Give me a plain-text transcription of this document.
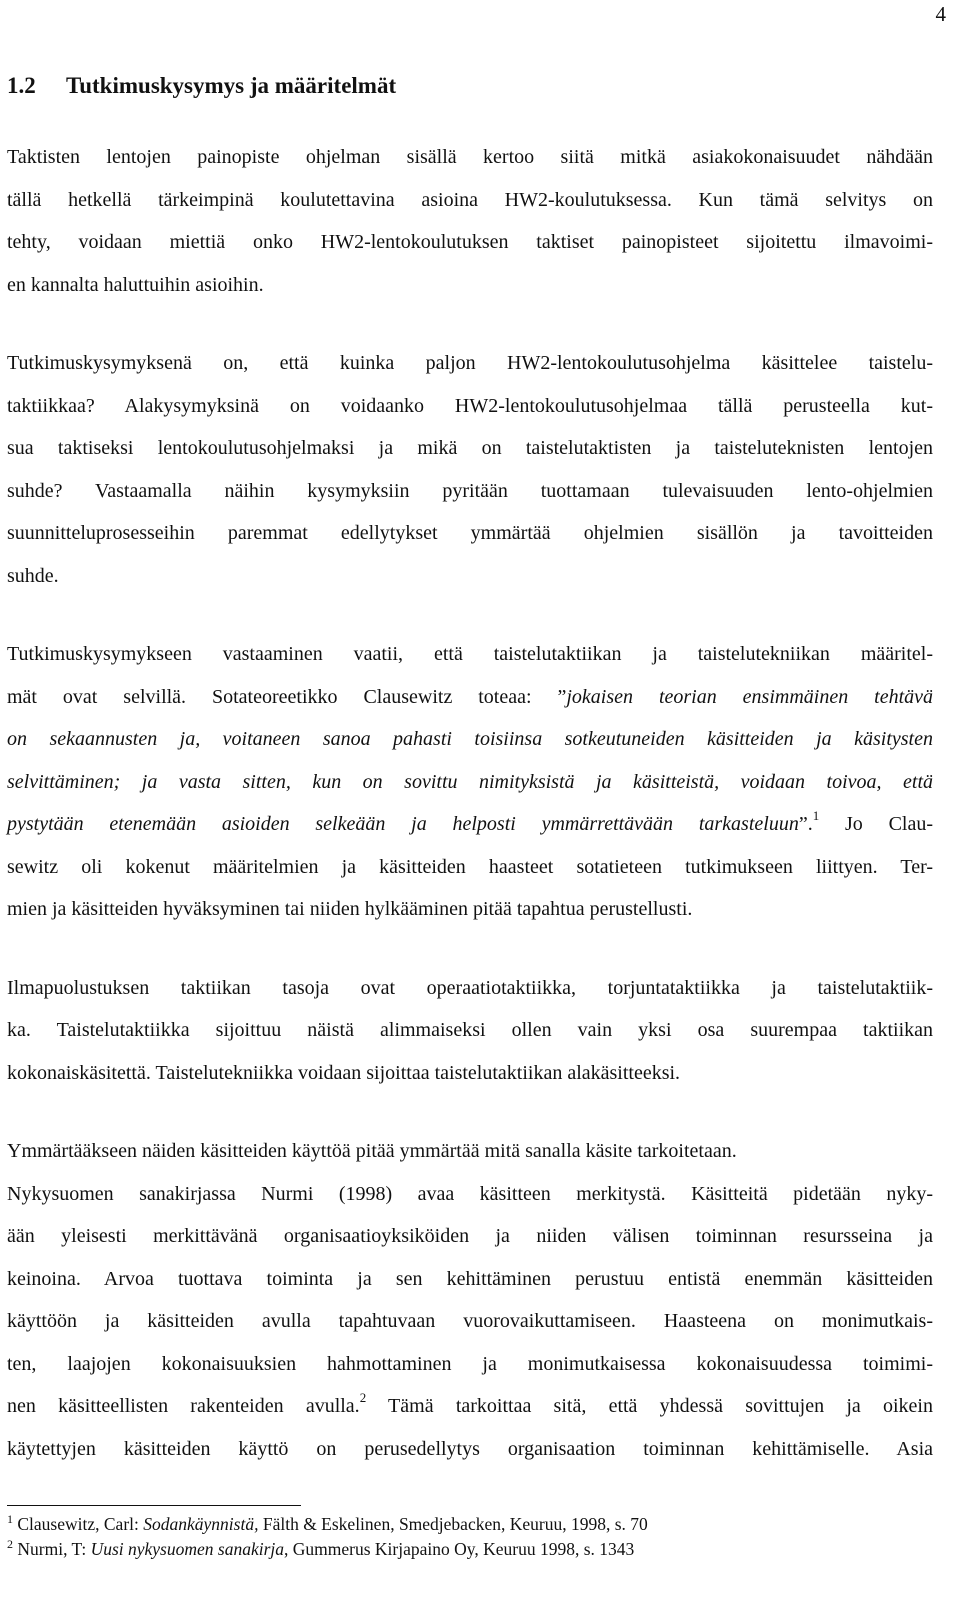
4
1.2 Tutkimuskysymys ja määritelmät
Taktisten lentojen painopiste ohjelman sisällä kertoo siitä mitkä asiakokonaisuudet nähdään
tällä hetkellä tärkeimpinä koulutettavina asioina HW2-koulutuksessa. Kun tämä selvitys on
tehty, voidaan miettiä onko HW2-lentokoulutuksen taktiset painopisteet sijoitettu ilmavoimi-
en kannalta haluttuihin asioihin.
Tutkimuskysymyksenä on, että kuinka paljon HW2-lentokoulutusohjelma käsittelee taistelu-
taktiikkaa? Alakysymyksinä on voidaanko HW2-lentokoulutusohjelmaa tällä perusteella kut-
sua taktiseksi lentokoulutusohjelmaksi ja mikä on taistelutaktisten ja taisteluteknisten lentojen
suhde? Vastaamalla näihin kysymyksiin pyritään tuottamaan tulevaisuuden lento-ohjelmien
suunnitteluprosesseihin paremmat edellytykset ymmärtää ohjelmien sisällön ja tavoitteiden
suhde.
Tutkimuskysymykseen vastaaminen vaatii, että taistelutaktiikan ja taistelutekniikan määritel-
mät ovat selvillä. Sotateoreetikko Clausewitz toteaa: ”jokaisen teorian ensimmäinen tehtävä
on sekaannusten ja, voitaneen sanoa pahasti toisiinsa sotkeutuneiden käsitteiden ja käsitysten
selvittäminen; ja vasta sitten, kun on sovittu nimityksistä ja käsitteistä, voidaan toivoa, että
pystytään etenemään asioiden selkeään ja helposti ymmärrettävään tarkasteluun”.$^1$ Jo Clau-
sewitz oli kokenut määritelmien ja käsitteiden haasteet sotatieteen tutkimukseen liittyen. Ter-
mien ja käsitteiden hyväksyminen tai niiden hylkääminen pitää tapahtua perustellusti.
Ilmapuolustuksen taktiikan tasoja ovat operaatiotaktiikka, torjuntataktiikka ja taistelutaktiik-
ka. Taistelutaktiikka sijoittuu näistä alimmaiseksi ollen vain yksi osa suurempaa taktiikan
kokonaiskäsitettä. Taistelutekniikka voidaan sijoittaa taistelutaktiikan alakäsitteeksi.
Ymmärtääkseen näiden käsitteiden käyttöä pitää ymmärtää mitä sanalla käsite tarkoitetaan.
Nykysuomen sanakirjassa Nurmi (1998) avaa käsitteen merkitystä. Käsitteitä pidetään nyky-
ään yleisesti merkittävänä organisaatioyksiköiden ja niiden välisen toiminnan resursseina ja
keinoina. Arvoa tuottava toiminta ja sen kehittäminen perustuu entistä enemmän käsitteiden
käyttöön ja käsitteiden avulla tapahtuvaan vuorovaikuttamiseen. Haasteena on monimutkais-
ten, laajojen kokonaisuuksien hahmottaminen ja monimutkaisessa kokonaisuudessa toimimi-
nen käsitteellisten rakenteiden avulla.$^2$ Tämä tarkoittaa sitä, että yhdessä sovittujen ja oikein
käytettyjen käsitteiden käyttö on perusedellytys organisaation toiminnan kehittämiselle. Asia
$^1$ Clausewitz, Carl: Sodankäynnistä, Fälth & Eskelinen, Smedjebacken, Keuruu, 1998, s. 70
$^2$ Nurmi, T: Uusi nykysuomen sanakirja, Gummerus Kirjapaino Oy, Keuruu 1998, s. 1343
